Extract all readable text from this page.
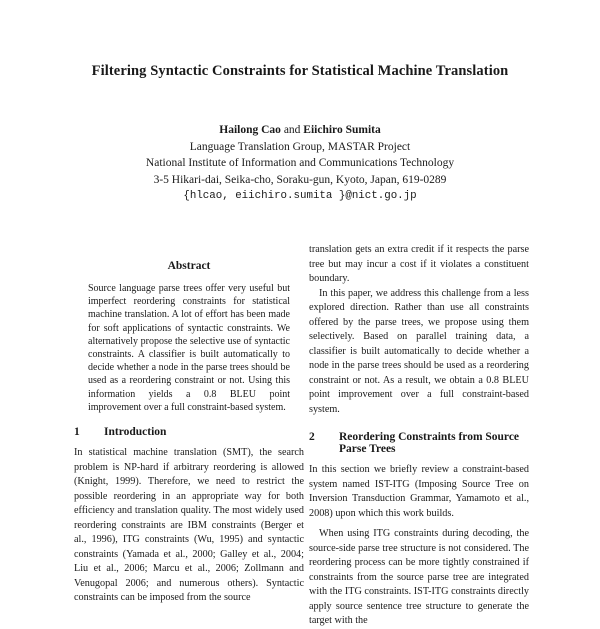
Filtering Syntactic Constraints for Statistical Machine Translation
Hailong Cao and Eiichiro Sumita
Language Translation Group, MASTAR Project
National Institute of Information and Communications Technology
3-5 Hikari-dai, Seika-cho, Soraku-gun, Kyoto, Japan, 619-0289
{hlcao, eiichiro.sumita }@nict.go.jp
Abstract

Source language parse trees offer very useful but imperfect reordering constraints for statistical machine translation. A lot of effort has been made for soft applications of syntactic constraints. We alternatively propose the selective use of syntactic constraints. A classifier is built automatically to decide whether a node in the parse trees should be used as a reordering constraint or not. Using this information yields a 0.8 BLEU point improvement over a full constraint-based system.

1	Introduction

In statistical machine translation (SMT), the search problem is NP-hard if arbitrary reordering is allowed (Knight, 1999). Therefore, we need to restrict the possible reordering in an appropriate way for both efficiency and translation quality. The most widely used reordering constraints are IBM constraints (Berger et al., 1996), ITG constraints (Wu, 1995) and syntactic constraints (Yamada et al., 2000; Galley et al., 2004; Liu et al., 2006; Marcu et al., 2006; Zollmann and Venugopal 2006; and numerous others). Syntactic constraints can be imposed from the source

translation gets an extra credit if it respects the parse tree but may incur a cost if it violates a constituent boundary.

In this paper, we address this challenge from a less explored direction. Rather than use all constraints offered by the parse trees, we propose using them selectively. Based on parallel training data, a classifier is built automatically to decide whether a node in the parse trees should be used as a reordering constraint or not. As a result, we obtain a 0.8 BLEU point improvement over a full constraint-based system.

2	Reordering Constraints from Source Parse Trees

In this section we briefly review a constraint-based system named IST-ITG (Imposing Source Tree on Inversion Transduction Grammar, Yamamoto et al., 2008) upon which this work builds.

When using ITG constraints during decoding, the source-side parse tree structure is not considered. The reordering process can be more tightly constrained if constraints from the source parse tree are integrated with the ITG constraints. IST-ITG constraints directly apply source sentence tree structure to generate the target with the
